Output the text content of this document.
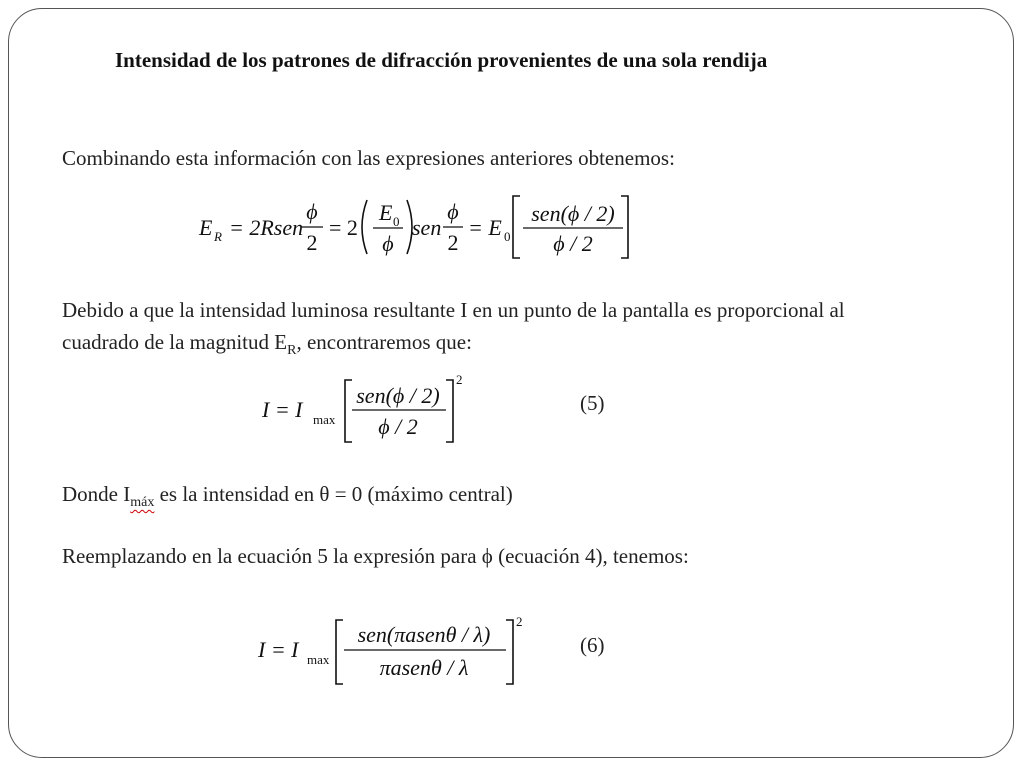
Intensidad de los patrones de difracción provenientes de una sola rendija
Combinando esta información con las expresiones anteriores obtenemos:
E R = 2Rsen
ϕ
2
= 2
E 0
ϕ
sen
ϕ
2
= E 0
sen(ϕ / 2)
ϕ / 2
Debido a que la intensidad luminosa resultante I en un punto de la pantalla es proporcional al
cuadrado de la magnitud $E_R$, encontraremos que:
I = I max
sen(ϕ / 2)
ϕ / 2
2
(5)
Donde $I_{máx}$ es la intensidad en θ = 0 (máximo central)
Reemplazando en la ecuación 5 la expresión para ϕ (ecuación 4), tenemos:
I = I max
sen(πasenθ / λ)
πasenθ / λ
2
(6)
